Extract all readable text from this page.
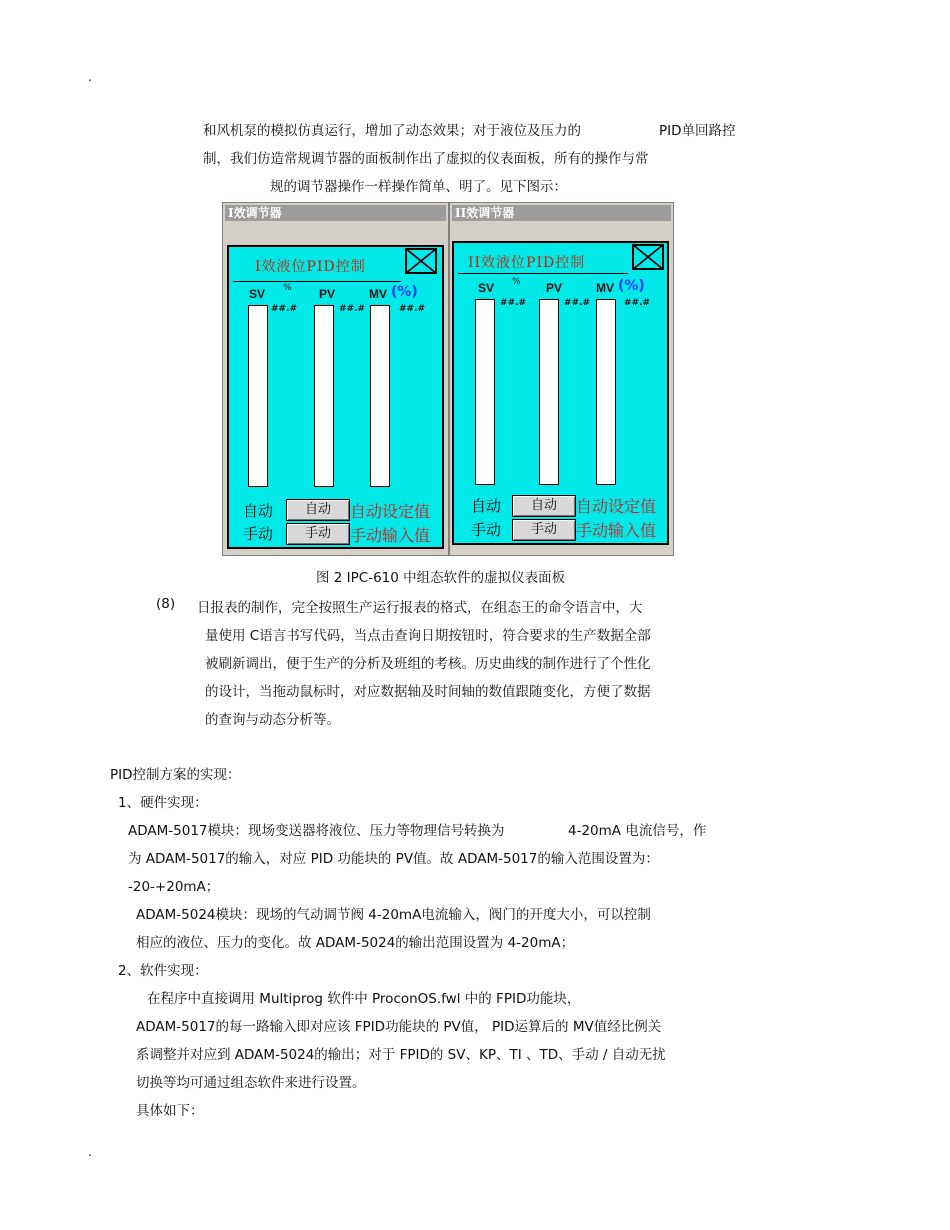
.
和风机泵的模拟仿真运行，增加了动态效果；对于液位及压力的	PID单回路控
制，我们仿造常规调节器的面板制作出了虚拟的仪表面板，所有的操作与常
规的调节器操作一样操作简单、明了。见下图示：
I效调节器
I效液位PID控制
SV % PV	MV (%)
##.#	##.#	##.#
自动	自动	自动设定值
手动	手动	手动输入值
II效调节器
II效液位PID控制
SV % PV	MV (%)
##.#	##.#	##.#
自动	自动	自动设定值
手动	手动	手动输入值
图 2 IPC-610 中组态软件的虚拟仪表面板
(8) 日报表的制作，完全按照生产运行报表的格式，在组态王的命令语言中，大
量使用 C语言书写代码，当点击查询日期按钮时，符合要求的生产数据全部
被刷新调出，便于生产的分析及班组的考核。历史曲线的制作进行了个性化
的设计，当拖动鼠标时，对应数据轴及时间轴的数值跟随变化，方便了数据
的查询与动态分析等。
PID控制方案的实现：
1、硬件实现：
ADAM-5017模块：现场变送器将液位、压力等物理信号转换为	4-20mA 电流信号，作
为 ADAM-5017的输入，对应 PID 功能块的 PV值。故 ADAM-5017的输入范围设置为：
-20-+20mA；
ADAM-5024模块：现场的气动调节阀 4-20mA电流输入，阀门的开度大小，可以控制
相应的液位、压力的变化。故 ADAM-5024的输出范围设置为 4-20mA；
2、软件实现：
在程序中直接调用 Multiprog 软件中 ProconOS.fwl 中的 FPID功能块，
ADAM-5017的每一路输入即对应该 FPID功能块的 PV值， PID运算后的 MV值经比例关
系调整并对应到 ADAM-5024的输出；对于 FPID的 SV、KP、TI 、TD、手动 / 自动无扰
切换等均可通过组态软件来进行设置。
具体如下：
.
